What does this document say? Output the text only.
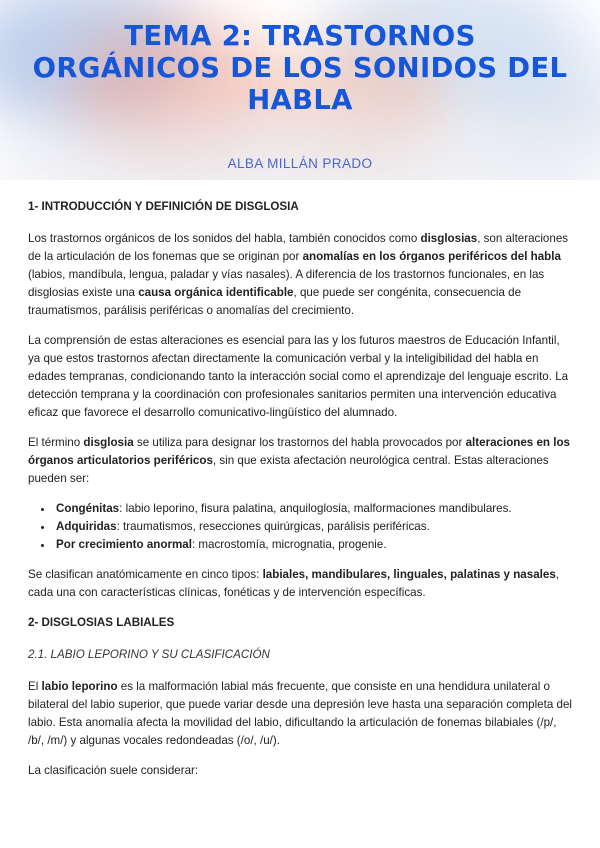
TEMA 2: TRASTORNOS ORGÁNICOS DE LOS SONIDOS DEL HABLA
ALBA MILLÁN PRADO
1- INTRODUCCIÓN Y DEFINICIÓN DE DISGLOSIA

Los trastornos orgánicos de los sonidos del habla, también conocidos como disglosias, son alteraciones de la articulación de los fonemas que se originan por anomalías en los órganos periféricos del habla (labios, mandíbula, lengua, paladar y vías nasales). A diferencia de los trastornos funcionales, en las disglosias existe una causa orgánica identificable, que puede ser congénita, consecuencia de traumatismos, parálisis periféricas o anomalías del crecimiento.

La comprensión de estas alteraciones es esencial para las y los futuros maestros de Educación Infantil, ya que estos trastornos afectan directamente la comunicación verbal y la inteligibilidad del habla en edades tempranas, condicionando tanto la interacción social como el aprendizaje del lenguaje escrito. La detección temprana y la coordinación con profesionales sanitarios permiten una intervención educativa eficaz que favorece el desarrollo comunicativo-lingüístico del alumnado.

El término disglosia se utiliza para designar los trastornos del habla provocados por alteraciones en los órganos articulatorios periféricos, sin que exista afectación neurológica central. Estas alteraciones pueden ser:

• Congénitas: labio leporino, fisura palatina, anquiloglosia, malformaciones mandibulares.
• Adquiridas: traumatismos, resecciones quirúrgicas, parálisis periféricas.
• Por crecimiento anormal: macrostomía, micrognatia, progenie.

Se clasifican anatómicamente en cinco tipos: labiales, mandibulares, linguales, palatinas y nasales, cada una con características clínicas, fonéticas y de intervención específicas.

2- DISGLOSIAS LABIALES
2.1. LABIO LEPORINO Y SU CLASIFICACIÓN

El labio leporino es la malformación labial más frecuente, que consiste en una hendidura unilateral o bilateral del labio superior, que puede variar desde una depresión leve hasta una separación completa del labio. Esta anomalía afecta la movilidad del labio, dificultando la articulación de fonemas bilabiales (/p/, /b/, /m/) y algunas vocales redondeadas (/o/, /u/).

La clasificación suele considerar:
